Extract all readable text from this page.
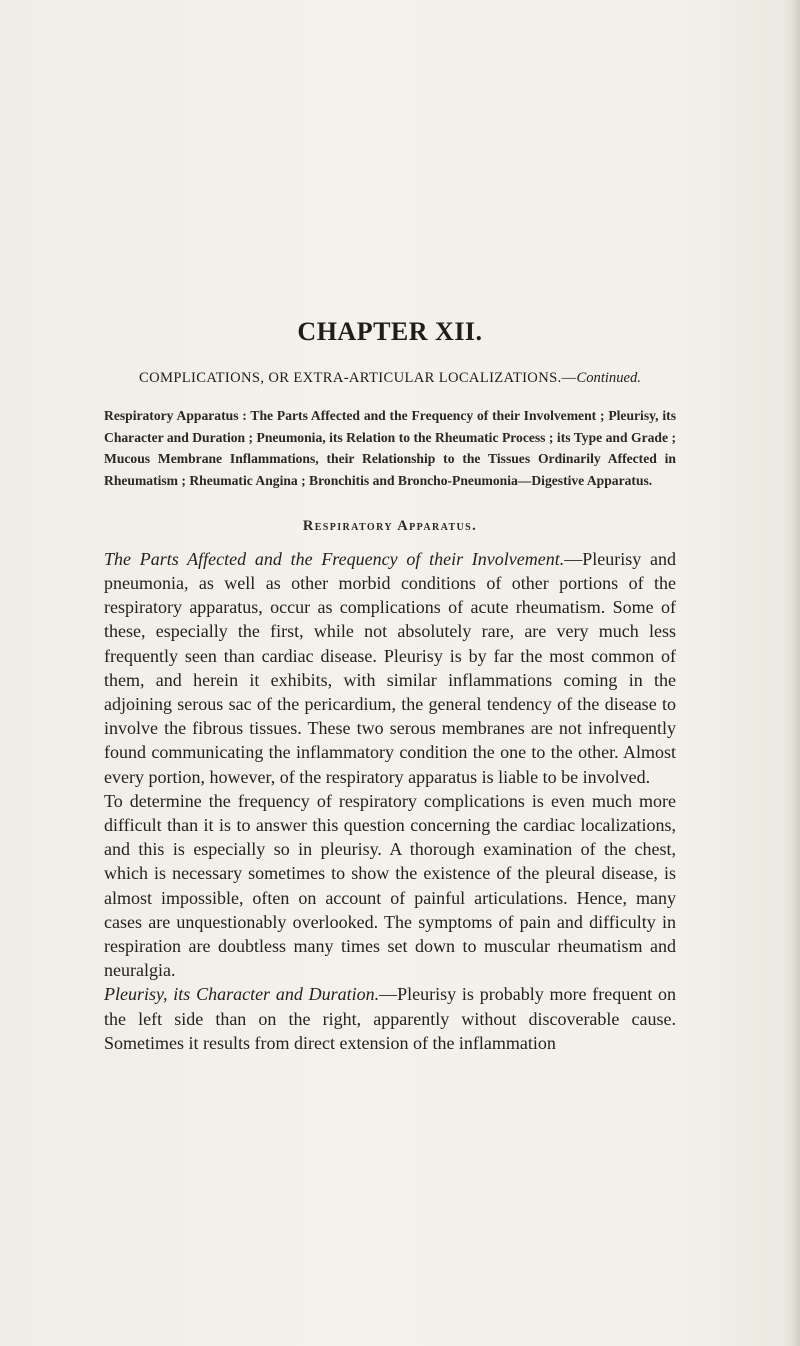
CHAPTER XII.
COMPLICATIONS, OR EXTRA-ARTICULAR LOCALIZATIONS.—Continued.

Respiratory Apparatus : The Parts Affected and the Frequency of their Involvement ; Pleurisy, its Character and Duration ; Pneumonia, its Relation to the Rheumatic Process ; its Type and Grade ; Mucous Membrane Inflammations, their Relationship to the Tissues Ordinarily Affected in Rheumatism ; Rheumatic Angina ; Bronchitis and Broncho-Pneumonia—Digestive Apparatus.

Respiratory Apparatus.

The Parts Affected and the Frequency of their Involvement.—Pleurisy and pneumonia, as well as other morbid conditions of other portions of the respiratory apparatus, occur as complications of acute rheumatism. Some of these, especially the first, while not absolutely rare, are very much less frequently seen than cardiac disease. Pleurisy is by far the most common of them, and herein it exhibits, with similar inflammations coming in the adjoining serous sac of the pericardium, the general tendency of the disease to involve the fibrous tissues. These two serous membranes are not infrequently found communicating the inflammatory condition the one to the other. Almost every portion, however, of the respiratory apparatus is liable to be involved.

To determine the frequency of respiratory complications is even much more difficult than it is to answer this question concerning the cardiac localizations, and this is especially so in pleurisy. A thorough examination of the chest, which is necessary sometimes to show the existence of the pleural disease, is almost impossible, often on account of painful articulations. Hence, many cases are unquestionably overlooked. The symptoms of pain and difficulty in respiration are doubtless many times set down to muscular rheumatism and neuralgia.

Pleurisy, its Character and Duration.—Pleurisy is probably more frequent on the left side than on the right, apparently without discoverable cause. Sometimes it results from direct extension of the inflammation
